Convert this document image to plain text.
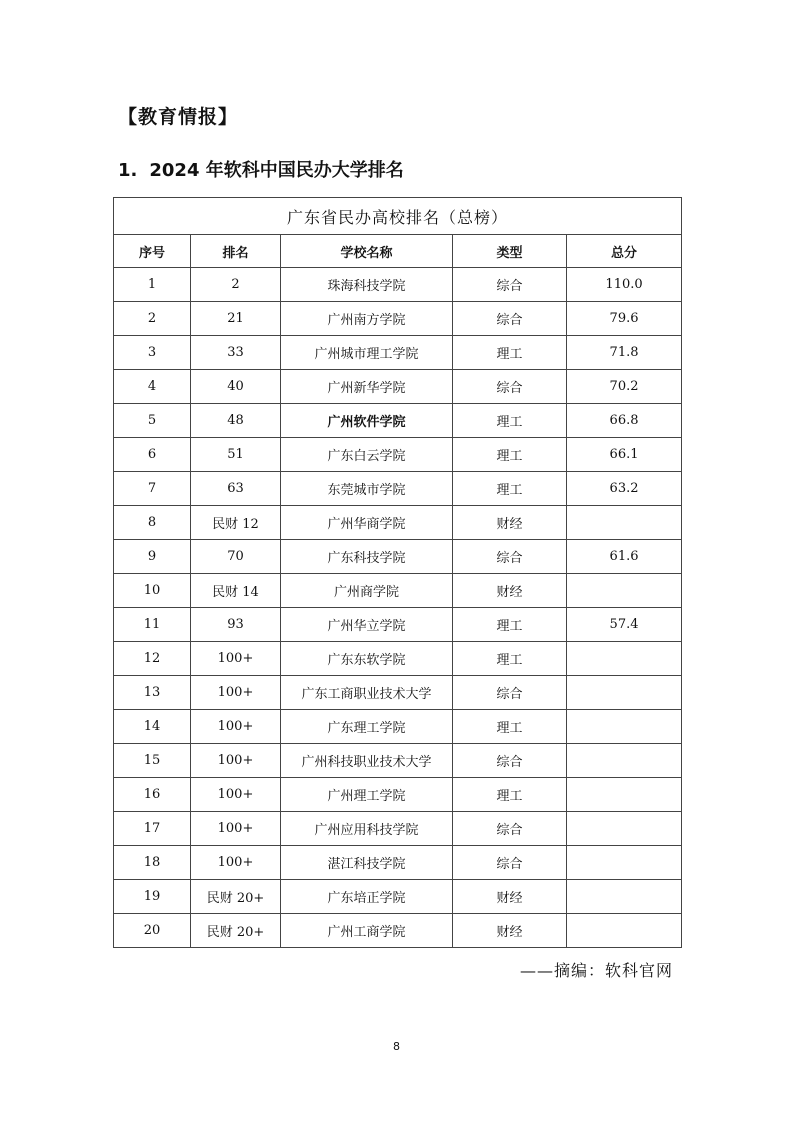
【教育情报】
1. 2024 年软科中国民办大学排名
广东省民办高校排名（总榜）				
序号	排名	学校名称	类型	总分
1	2	珠海科技学院	综合	110.0
2	21	广州南方学院	综合	79.6
3	33	广州城市理工学院	理工	71.8
4	40	广州新华学院	综合	70.2
5	48	广州软件学院	理工	66.8
6	51	广东白云学院	理工	66.1
7	63	东莞城市学院	理工	63.2
8	民财 12	广州华商学院	财经	
9	70	广东科技学院	综合	61.6
10	民财 14	广州商学院	财经	
11	93	广州华立学院	理工	57.4
12	100+	广东东软学院	理工	
13	100+	广东工商职业技术大学	综合	
14	100+	广东理工学院	理工	
15	100+	广州科技职业技术大学	综合	
16	100+	广州理工学院	理工	
17	100+	广州应用科技学院	综合	
18	100+	湛江科技学院	综合	
19	民财 20+	广东培正学院	财经	
20	民财 20+	广州工商学院	财经	
——摘编：软科官网
8
